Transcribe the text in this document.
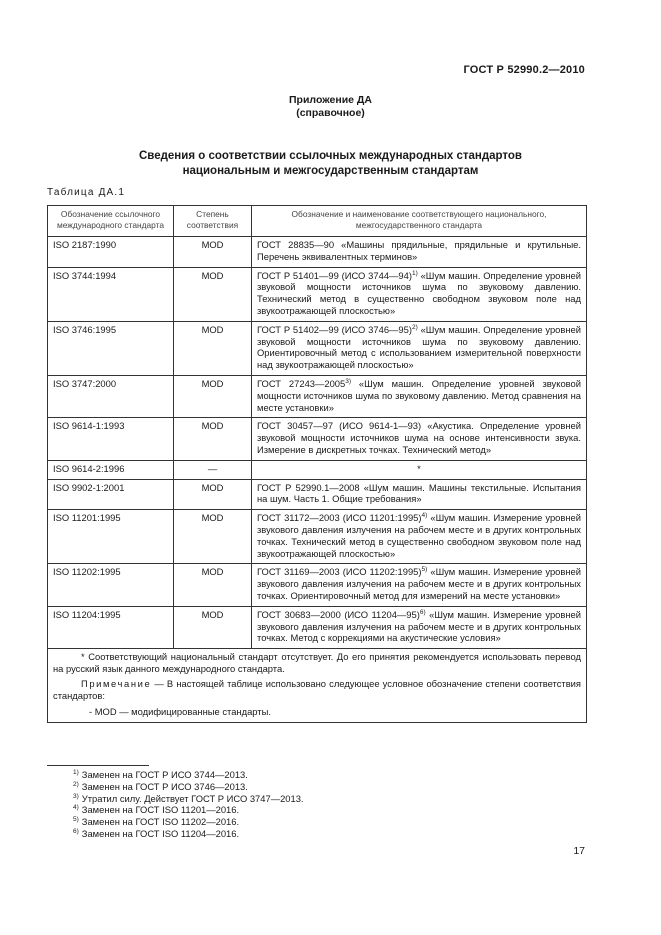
ГОСТ Р 52990.2—2010
Приложение ДА
(справочное)
Сведения о соответствии ссылочных международных стандартов
национальным и межгосударственным стандартам
Таблица ДА.1
Обозначение ссылочного международного стандарта	Степень соответствия	Обозначение и наименование соответствующего национального, межгосударственного стандарта
ISO 2187:1990	MOD	ГОСТ 28835—90 «Машины прядильные, прядильные и крутильные. Перечень эквивалентных терминов»
ISO 3744:1994	MOD	ГОСТ Р 51401—99 (ИСО 3744—94)$^{1)}$ «Шум машин. Определение уровней звуковой мощности источников шума по звуковому давлению. Технический метод в существенно свободном звуковом поле над звукоотражающей плоскостью»
ISO 3746:1995	MOD	ГОСТ Р 51402—99 (ИСО 3746—95)$^{2)}$ «Шум машин. Определение уровней звуковой мощности источников шума по звуковому давлению. Ориентировочный метод с использованием измерительной поверхности над звукоотражающей плоскостью»
ISO 3747:2000	MOD	ГОСТ 27243—2005$^{3)}$ «Шум машин. Определение уровней звуковой мощности источников шума по звуковому давлению. Метод сравнения на месте установки»
ISO 9614-1:1993	MOD	ГОСТ 30457—97 (ИСО 9614-1—93) «Акустика. Определение уровней звуковой мощности источников шума на основе интенсивности звука. Измерение в дискретных точках. Технический метод»
ISO 9614-2:1996	—	*
ISO 9902-1:2001	MOD	ГОСТ Р 52990.1—2008 «Шум машин. Машины текстильные. Испытания на шум. Часть 1. Общие требования»
ISO 11201:1995	MOD	ГОСТ 31172—2003 (ИСО 11201:1995)$^{4)}$ «Шум машин. Измерение уровней звукового давления излучения на рабочем месте и в других контрольных точках. Технический метод в существенно свободном звуковом поле над звукоотражающей плоскостью»
ISO 11202:1995	MOD	ГОСТ 31169—2003 (ИСО 11202:1995)$^{5)}$ «Шум машин. Измерение уровней звукового давления излучения на рабочем месте и в других контрольных точках. Ориентировочный метод для измерений на месте установки»
ISO 11204:1995	MOD	ГОСТ 30683—2000 (ИСО 11204—95)$^{6)}$ «Шум машин. Измерение уровней звукового давления излучения на рабочем месте и в других контрольных точках. Метод с коррекциями на акустические условия»

* Соответствующий национальный стандарт отсутствует. До его принятия рекомендуется использовать перевод на русский язык данного международного стандарта.

Примечание — В настоящей таблице использовано следующее условное обозначение степени соответствия стандартов:

- MOD — модифицированные стандарты.		
$^{1)}$ Заменен на ГОСТ Р ИСО 3744—2013.
$^{2)}$ Заменен на ГОСТ Р ИСО 3746—2013.
$^{3)}$ Утратил силу. Действует ГОСТ Р ИСО 3747—2013.
$^{4)}$ Заменен на ГОСТ ISO 11201—2016.
$^{5)}$ Заменен на ГОСТ ISO 11202—2016.
$^{6)}$ Заменен на ГОСТ ISO 11204—2016.
17
